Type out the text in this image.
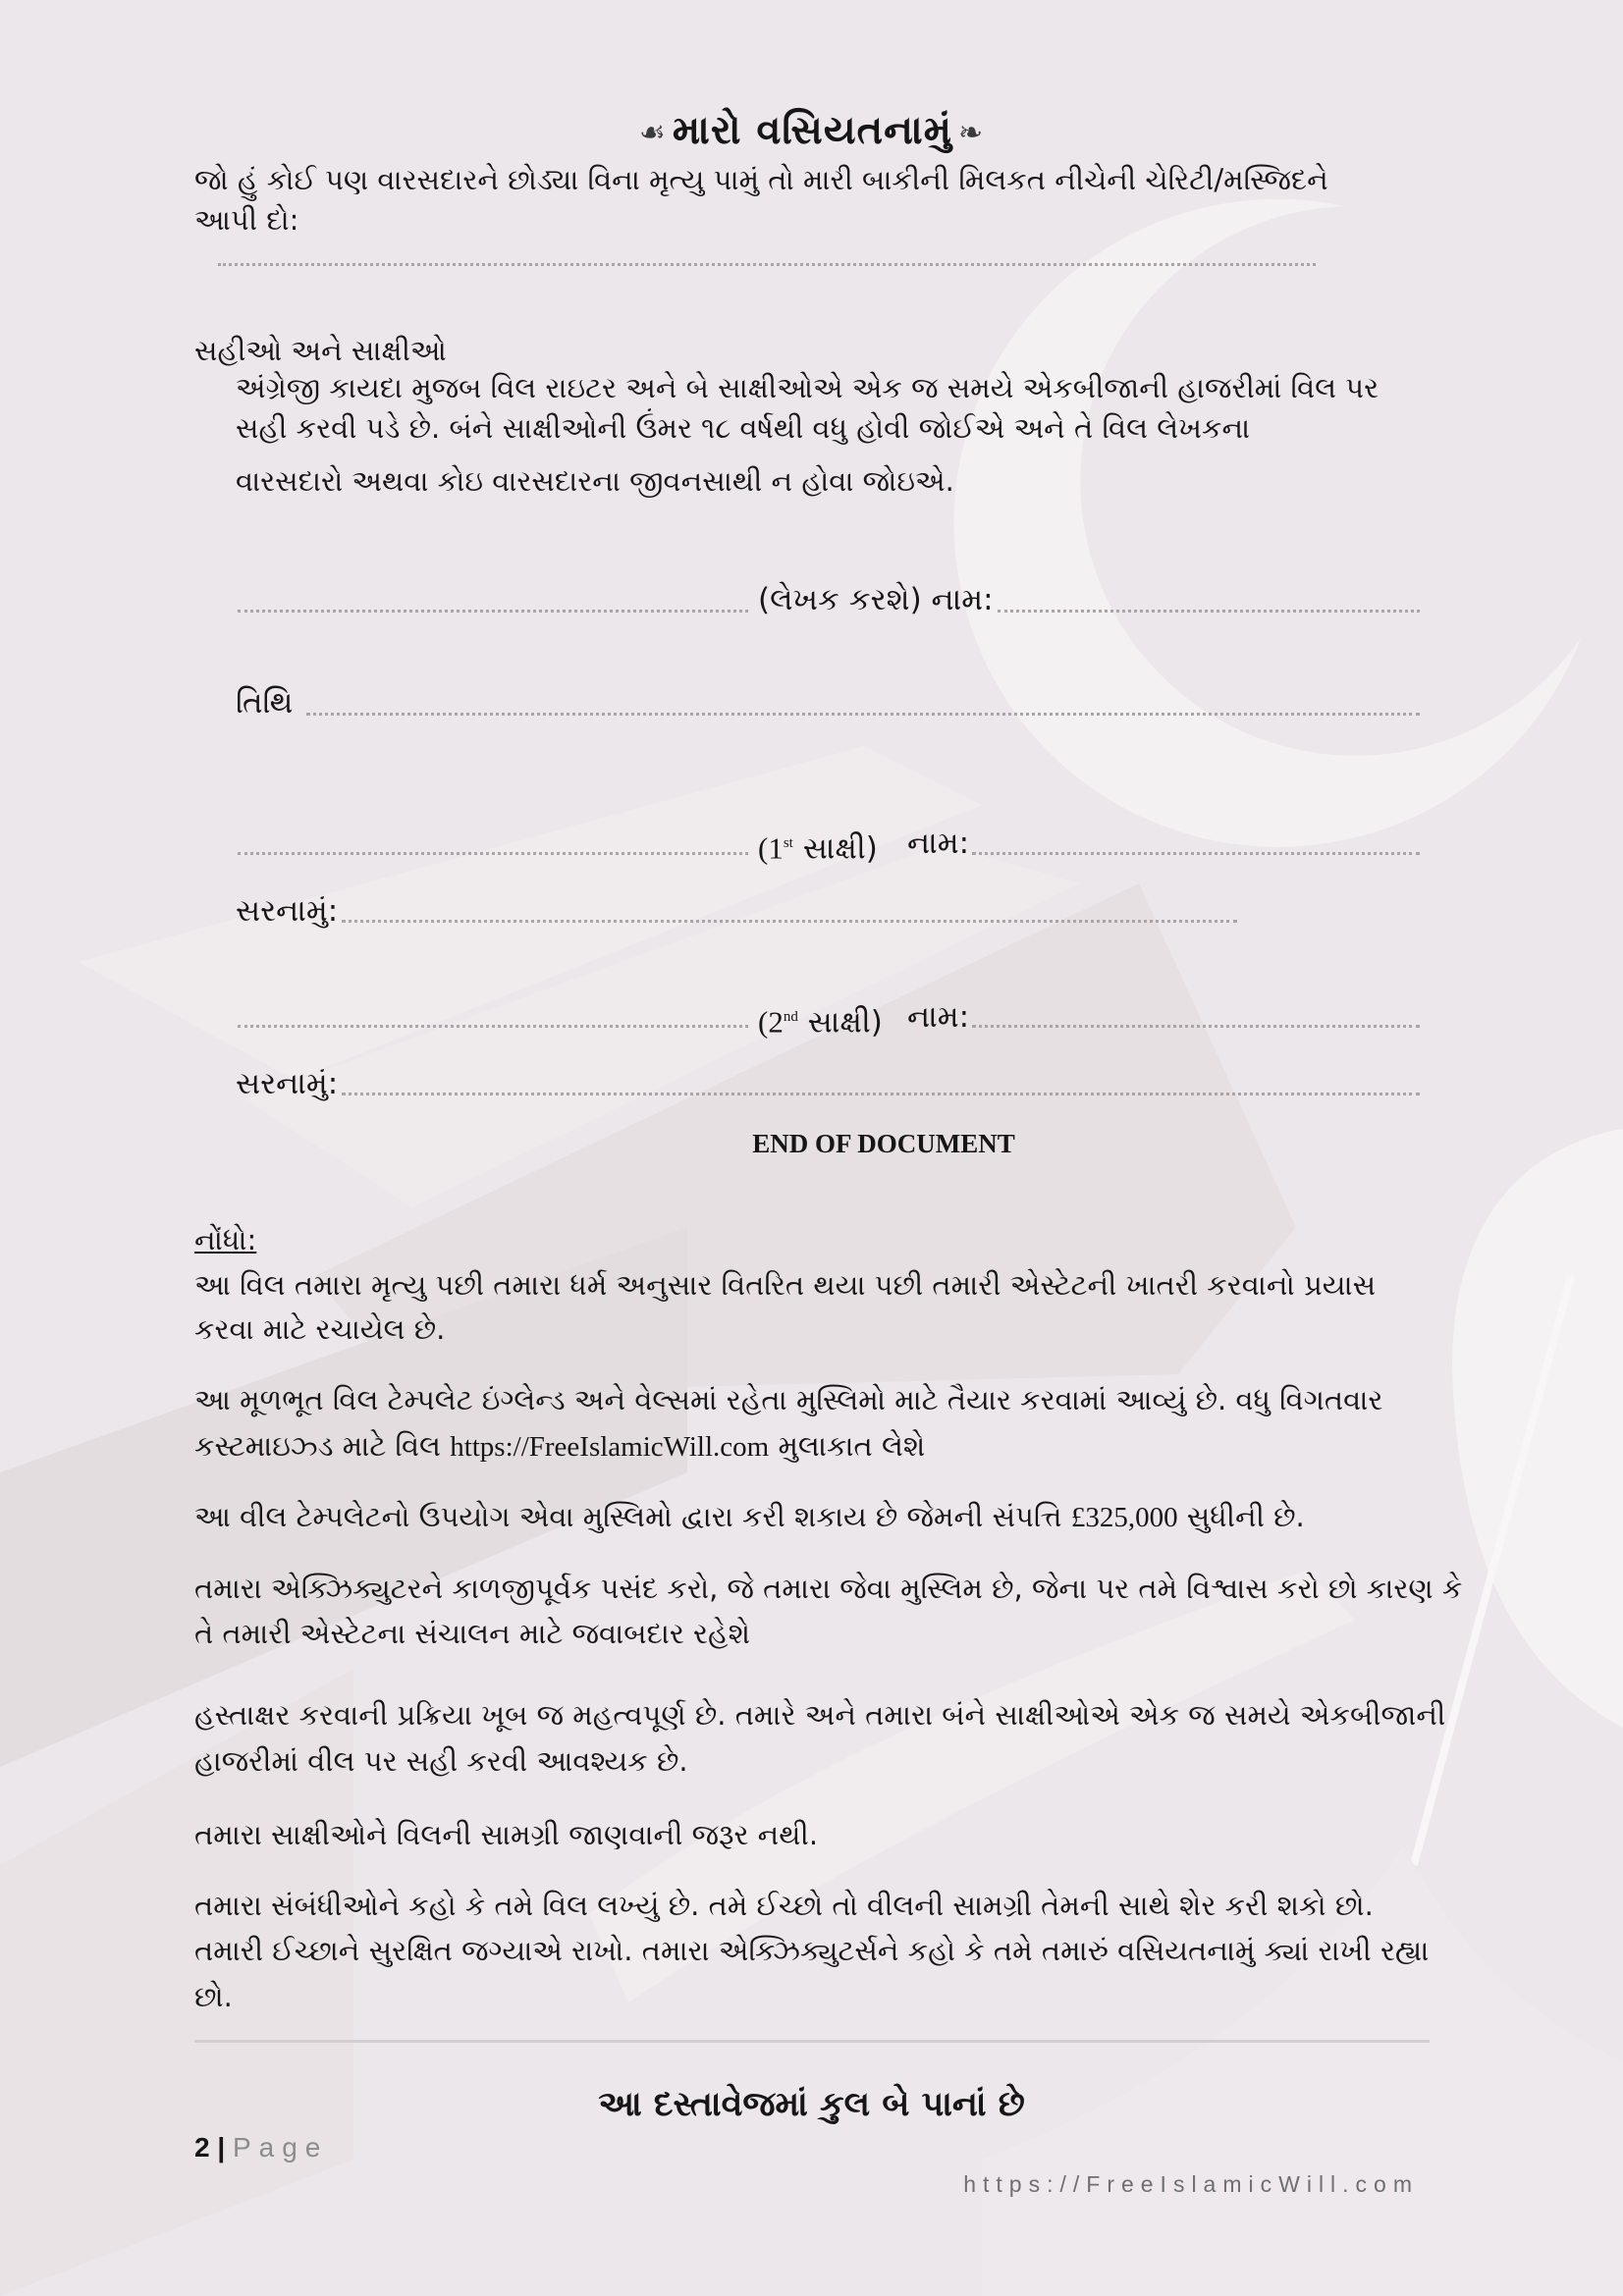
☙ મારો વસિયતનામું ❧

જો હું કોઈ પણ વારસદારને છોડ્યા વિના મૃત્યુ પામું તો મારી બાકીની મિલકત નીચેની ચેરિટી/મસ્જિદને

આપી દો:

સહીઓ અને સાક્ષીઓ

અંગ્રેજી કાયદા મુજબ વિલ રાઇટર અને બે સાક્ષીઓએ એક જ સમયે એકબીજાની હાજરીમાં વિલ પર

સહી કરવી પડે છે. બંને સાક્ષીઓની ઉંમર ૧૮ વર્ષથી વધુ હોવી જોઈએ અને તે વિલ લેખકના

વારસદારો અથવા કોઇ વારસદારના જીવનસાથી ન હોવા જોઇએ.

(લેખક કરશે) નામ:
તિથિ
(1st સાક્ષી) નામ:
સરનામું:
(2nd સાક્ષી) નામ:
સરનામું:
END OF DOCUMENT
નોંધો:

આ વિલ તમારા મૃત્યુ પછી તમારા ધર્મ અનુસાર વિતરિત થયા પછી તમારી એસ્ટેટની ખાતરી કરવાનો પ્રયાસ

કરવા માટે રચાયેલ છે.

આ મૂળભૂત વિલ ટેમ્પલેટ ઇંગ્લેન્ડ અને વેલ્સમાં રહેતા મુસ્લિમો માટે તૈયાર કરવામાં આવ્યું છે. વધુ વિગતવાર

કસ્ટમાઇઝ્ડ માટે વિલ https://FreeIslamicWill.com મુલાકાત લેશે

આ વીલ ટેમ્પલેટનો ઉપયોગ એવા મુસ્લિમો દ્વારા કરી શકાય છે જેમની સંપત્તિ £325,000 સુધીની છે.

તમારા એક્ઝિક્યુટરને કાળજીપૂર્વક પસંદ કરો, જે તમારા જેવા મુસ્લિમ છે, જેના પર તમે વિશ્વાસ કરો છો કારણ કે

તે તમારી એસ્ટેટના સંચાલન માટે જવાબદાર રહેશે

હસ્તાક્ષર કરવાની પ્રક્રિયા ખૂબ જ મહત્વપૂર્ણ છે. તમારે અને તમારા બંને સાક્ષીઓએ એક જ સમયે એકબીજાની

હાજરીમાં વીલ પર સહી કરવી આવશ્યક છે.

તમારા સાક્ષીઓને વિલની સામગ્રી જાણવાની જરૂર નથી.

તમારા સંબંધીઓને કહો કે તમે વિલ લખ્યું છે. તમે ઈચ્છો તો વીલની સામગ્રી તેમની સાથે શેર કરી શકો છો.

તમારી ઈચ્છાને સુરક્ષિત જગ્યાએ રાખો. તમારા એક્ઝિક્યુટર્સને કહો કે તમે તમારું વસિયતનામું ક્યાં રાખી રહ્યા

છો.

આ દસ્તાવેજમાં કુલ બે પાનાં છે
2 | Page
https://FreeIslamicWill.com
